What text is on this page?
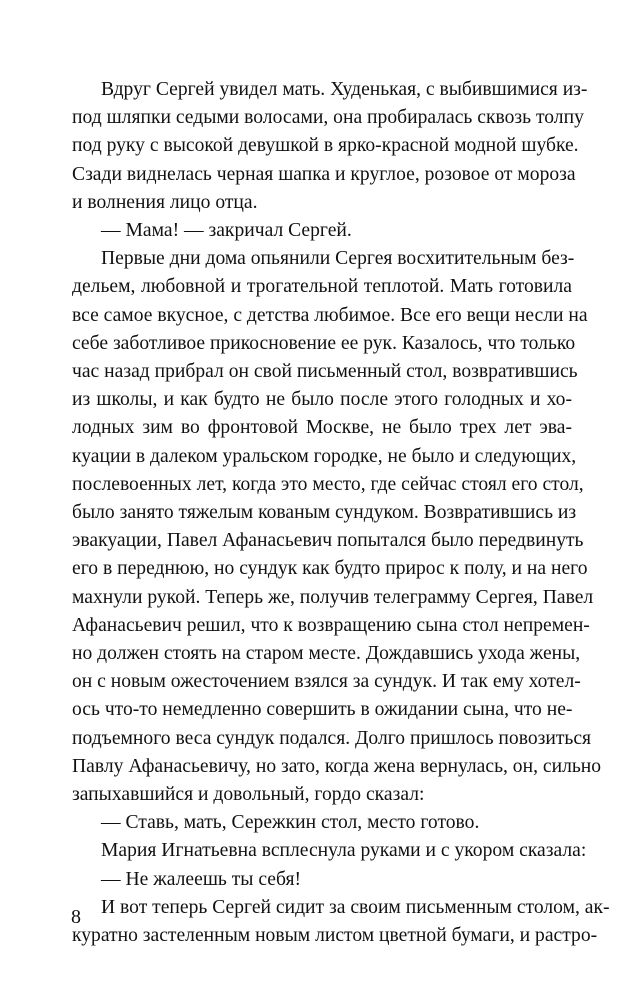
Вдруг Сергей увидел мать. Худенькая, с выбившимися из-
под шляпки седыми волосами, она пробиралась сквозь толпу
под руку с высокой девушкой в ярко-красной модной шубке.
Сзади виднелась черная шапка и круглое, розовое от мороза
и волнения лицо отца.
— Мама! — закричал Сергей.
Первые дни дома опьянили Сергея восхитительным без-
дельем, любовной и трогательной теплотой. Мать готовила
все самое вкусное, с детства любимое. Все его вещи несли на
себе заботливое прикосновение ее рук. Казалось, что только
час назад прибрал он свой письменный стол, возвратившись
из школы, и как будто не было после этого голодных и хо-
лодных зим во фронтовой Москве, не было трех лет эва-
куации в далеком уральском городке, не было и следующих,
послевоенных лет, когда это место, где сейчас стоял его стол,
было занято тяжелым кованым сундуком. Возвратившись из
эвакуации, Павел Афанасьевич попытался было передвинуть
его в переднюю, но сундук как будто прирос к полу, и на него
махнули рукой. Теперь же, получив телеграмму Сергея, Павел
Афанасьевич решил, что к возвращению сына стол непремен-
но должен стоять на старом месте. Дождавшись ухода жены,
он с новым ожесточением взялся за сундук. И так ему хотел-
ось что-то немедленно совершить в ожидании сына, что не-
подъемного веса сундук подался. Долго пришлось повозиться
Павлу Афанасьевичу, но зато, когда жена вернулась, он, сильно
запыхавшийся и довольный, гордо сказал:
— Ставь, мать, Сережкин стол, место готово.
Мария Игнатьевна всплеснула руками и с укором сказала:
— Не жалеешь ты себя!
И вот теперь Сергей сидит за своим письменным столом, ак-
куратно застеленным новым листом цветной бумаги, и растро-
8
